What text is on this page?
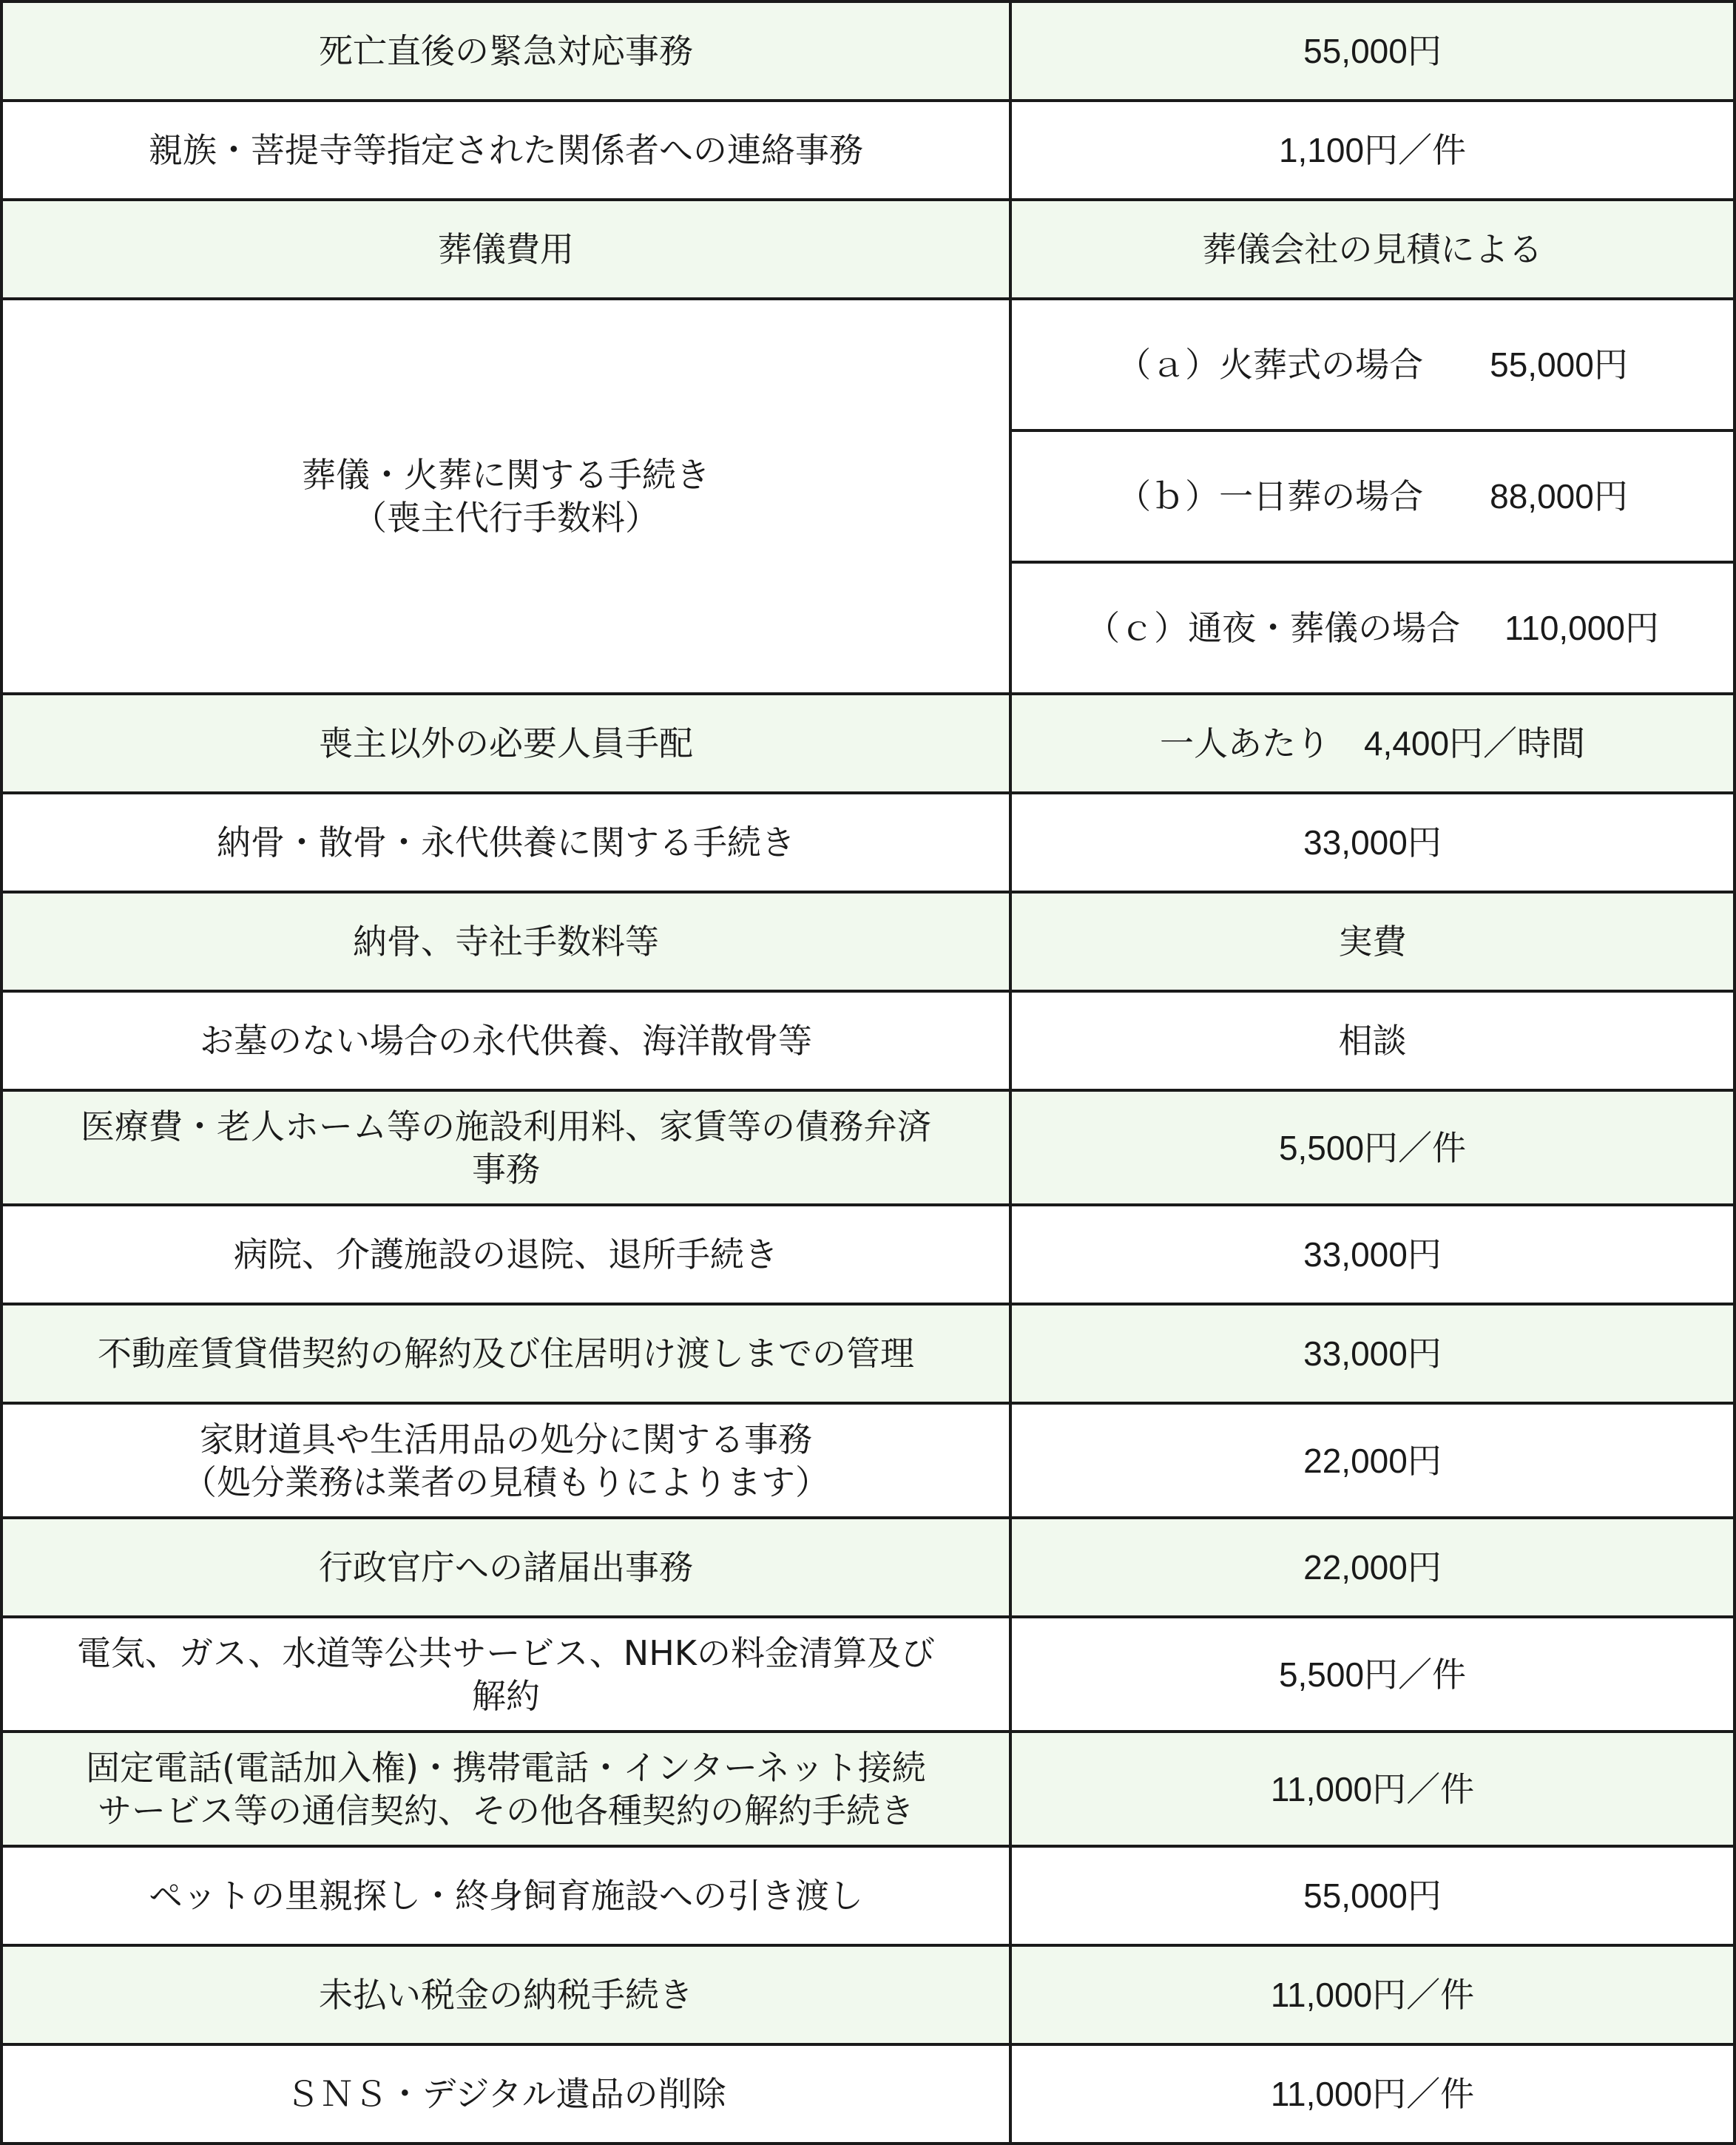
死亡直後の緊急対応事務	55,000円
親族・菩提寺等指定された関係者への連絡事務	1,100円／件
葬儀費用	葬儀会社の見積による
葬儀・火葬に関する手続き
（喪主代行手数料）	（ａ）火葬式の場合 55,000円

	（ｂ）一日葬の場合 88,000円

	（ｃ）通夜・葬儀の場合 110,000円

喪主以外の必要人員手配	一人あたり　4,400円／時間
納骨・散骨・永代供養に関する手続き	33,000円
納骨、寺社手数料等	実費
お墓のない場合の永代供養、海洋散骨等	相談
医療費・老人ホーム等の施設利用料、家賃等の債務弁済
事務	5,500円／件
病院、介護施設の退院、退所手続き	33,000円
不動産賃貸借契約の解約及び住居明け渡しまでの管理	33,000円
家財道具や生活用品の処分に関する事務
（処分業務は業者の見積もりによります）	22,000円
行政官庁への諸届出事務	22,000円
電気、ガス、水道等公共サービス、NHKの料金清算及び
解約	5,500円／件
固定電話(電話加入権)・携帯電話・インターネット接続
サービス等の通信契約、その他各種契約の解約手続き	11,000円／件
ペットの里親探し・終身飼育施設への引き渡し	55,000円
未払い税金の納税手続き	11,000円／件
ＳＮＳ・デジタル遺品の削除	11,000円／件
